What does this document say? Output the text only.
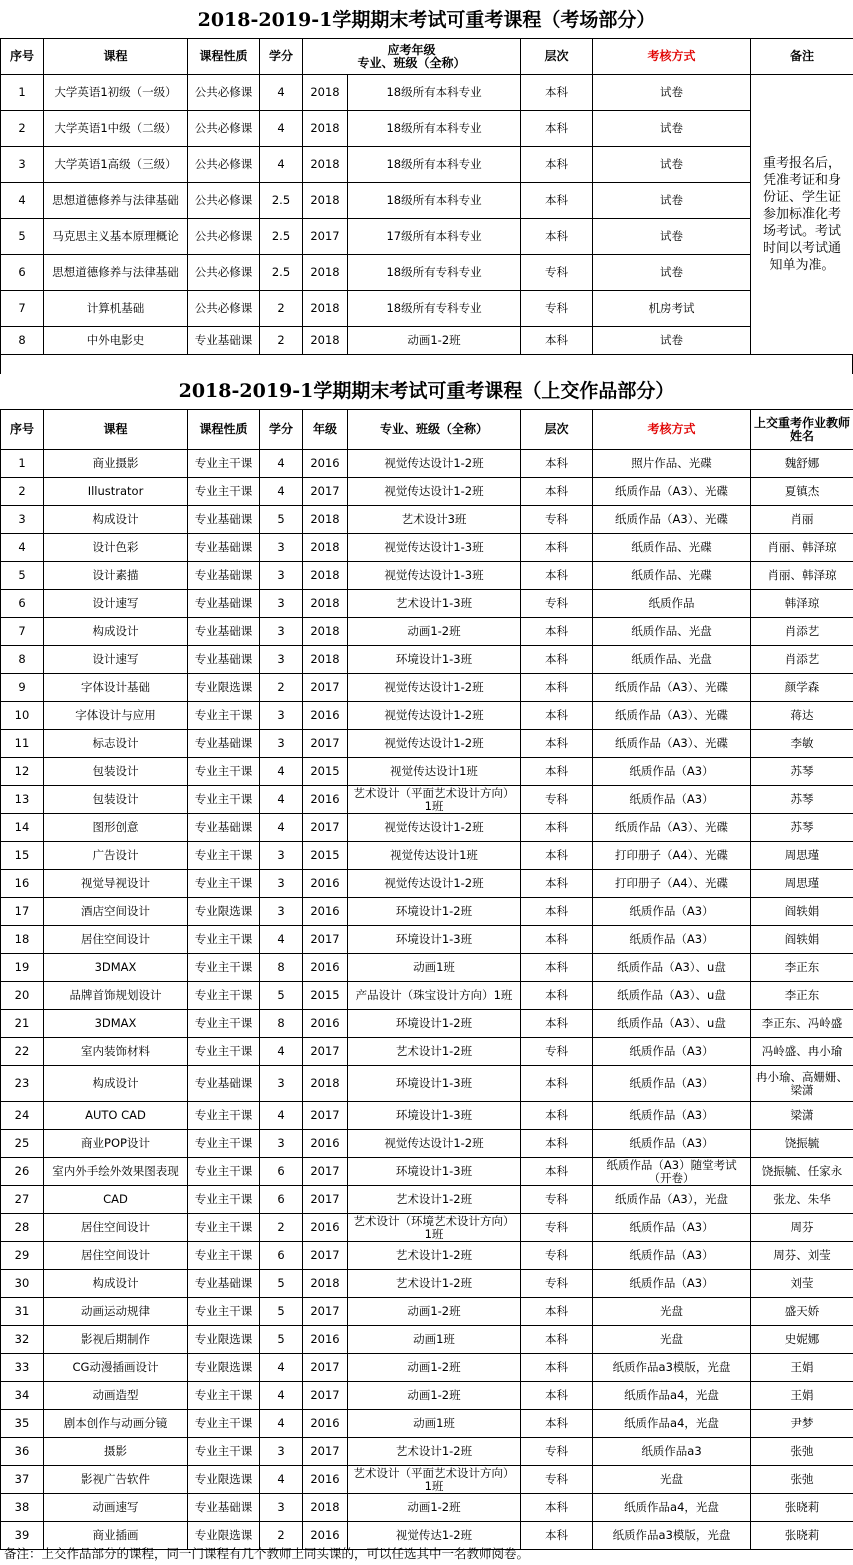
2018-2019-1学期期末考试可重考课程（考场部分）
序号	课程	课程性质	学分	应考年级
专业、班级（全称）		层次	考核方式	备注
1	大学英语1初级（一级）	公共必修课	4	2018	18级所有本科专业	本科	试卷	重考报名后，凭准考证和身份证、学生证参加标准化考场考试。考试时间以考试通知单为准。
2	大学英语1中级（二级）	公共必修课	4	2018	18级所有本科专业	本科	试卷	
3	大学英语1高级（三级）	公共必修课	4	2018	18级所有本科专业	本科	试卷	
4	思想道德修养与法律基础	公共必修课	2.5	2018	18级所有本科专业	本科	试卷	
5	马克思主义基本原理概论	公共必修课	2.5	2017	17级所有本科专业	本科	试卷	
6	思想道德修养与法律基础	公共必修课	2.5	2018	18级所有专科专业	专科	试卷	
7	计算机基础	公共必修课	2	2018	18级所有专科专业	专科	机房考试	
8	中外电影史	专业基础课	2	2018	动画1-2班	本科	试卷	
2018-2019-1学期期末考试可重考课程（上交作品部分）
序号	课程	课程性质	学分	年级	专业、班级（全称）	层次	考核方式	上交重考作业教师姓名
1	商业摄影	专业主干课	4	2016	视觉传达设计1-2班	本科	照片作品、光碟	魏舒娜
2	Illustrator	专业主干课	4	2017	视觉传达设计1-2班	本科	纸质作品（A3）、光碟	夏镇杰
3	构成设计	专业基础课	5	2018	艺术设计3班	专科	纸质作品（A3）、光碟	肖丽
4	设计色彩	专业基础课	3	2018	视觉传达设计1-3班	本科	纸质作品、光碟	肖丽、韩泽琼
5	设计素描	专业基础课	3	2018	视觉传达设计1-3班	本科	纸质作品、光碟	肖丽、韩泽琼
6	设计速写	专业基础课	3	2018	艺术设计1-3班	专科	纸质作品	韩泽琼
7	构成设计	专业基础课	3	2018	动画1-2班	本科	纸质作品、光盘	肖添艺
8	设计速写	专业基础课	3	2018	环境设计1-3班	本科	纸质作品、光盘	肖添艺
9	字体设计基础	专业限选课	2	2017	视觉传达设计1-2班	本科	纸质作品（A3）、光碟	颜学森
10	字体设计与应用	专业主干课	3	2016	视觉传达设计1-2班	本科	纸质作品（A3）、光碟	蒋达
11	标志设计	专业基础课	3	2017	视觉传达设计1-2班	本科	纸质作品（A3）、光碟	李敏
12	包装设计	专业主干课	4	2015	视觉传达设计1班	本科	纸质作品（A3）	苏琴
13	包装设计	专业主干课	4	2016	艺术设计（平面艺术设计方向）1班	专科	纸质作品（A3）	苏琴
14	图形创意	专业基础课	4	2017	视觉传达设计1-2班	本科	纸质作品（A3）、光碟	苏琴
15	广告设计	专业主干课	3	2015	视觉传达设计1班	本科	打印册子（A4）、光碟	周思瑾
16	视觉导视设计	专业主干课	3	2016	视觉传达设计1-2班	本科	打印册子（A4）、光碟	周思瑾
17	酒店空间设计	专业限选课	3	2016	环境设计1-2班	本科	纸质作品（A3）	阎轶娟
18	居住空间设计	专业主干课	4	2017	环境设计1-3班	本科	纸质作品（A3）	阎轶娟
19	3DMAX	专业主干课	8	2016	动画1班	本科	纸质作品（A3）、u盘	李正东
20	品牌首饰规划设计	专业主干课	5	2015	产品设计（珠宝设计方向）1班	本科	纸质作品（A3）、u盘	李正东
21	3DMAX	专业主干课	8	2016	环境设计1-2班	本科	纸质作品（A3）、u盘	李正东、冯岭盛
22	室内装饰材料	专业主干课	4	2017	艺术设计1-2班	专科	纸质作品（A3）	冯岭盛、冉小瑜
23	构成设计	专业基础课	3	2018	环境设计1-3班	本科	纸质作品（A3）	冉小瑜、高姗姗、梁潇
24	AUTO CAD	专业主干课	4	2017	环境设计1-3班	本科	纸质作品（A3）	梁潇
25	商业POP设计	专业主干课	3	2016	视觉传达设计1-2班	本科	纸质作品（A3）	饶振毓
26	室内外手绘外效果图表现	专业主干课	6	2017	环境设计1-3班	本科	纸质作品（A3）随堂考试（开卷）	饶振毓、任家永
27	CAD	专业主干课	6	2017	艺术设计1-2班	专科	纸质作品（A3），光盘	张龙、朱华
28	居住空间设计	专业主干课	2	2016	艺术设计（环境艺术设计方向）1班	专科	纸质作品（A3）	周芬
29	居住空间设计	专业主干课	6	2017	艺术设计1-2班	专科	纸质作品（A3）	周芬、刘莹
30	构成设计	专业基础课	5	2018	艺术设计1-2班	专科	纸质作品（A3）	刘莹
31	动画运动规律	专业主干课	5	2017	动画1-2班	本科	光盘	盛天娇
32	影视后期制作	专业限选课	5	2016	动画1班	本科	光盘	史妮娜
33	CG动漫插画设计	专业限选课	4	2017	动画1-2班	本科	纸质作品a3模版，光盘	王娟
34	动画造型	专业主干课	4	2017	动画1-2班	本科	纸质作品a4，光盘	王娟
35	剧本创作与动画分镜	专业主干课	4	2016	动画1班	本科	纸质作品a4，光盘	尹梦
36	摄影	专业主干课	3	2017	艺术设计1-2班	专科	纸质作品a3	张弛
37	影视广告软件	专业限选课	4	2016	艺术设计（平面艺术设计方向）1班	专科	光盘	张弛
38	动画速写	专业基础课	3	2018	动画1-2班	本科	纸质作品a4，光盘	张晓莉
39	商业插画	专业限选课	2	2016	视觉传达1-2班	本科	纸质作品a3模版，光盘	张晓莉
备注：上交作品部分的课程，同一门课程有几个教师上同头课的，可以任选其中一名教师阅卷。
